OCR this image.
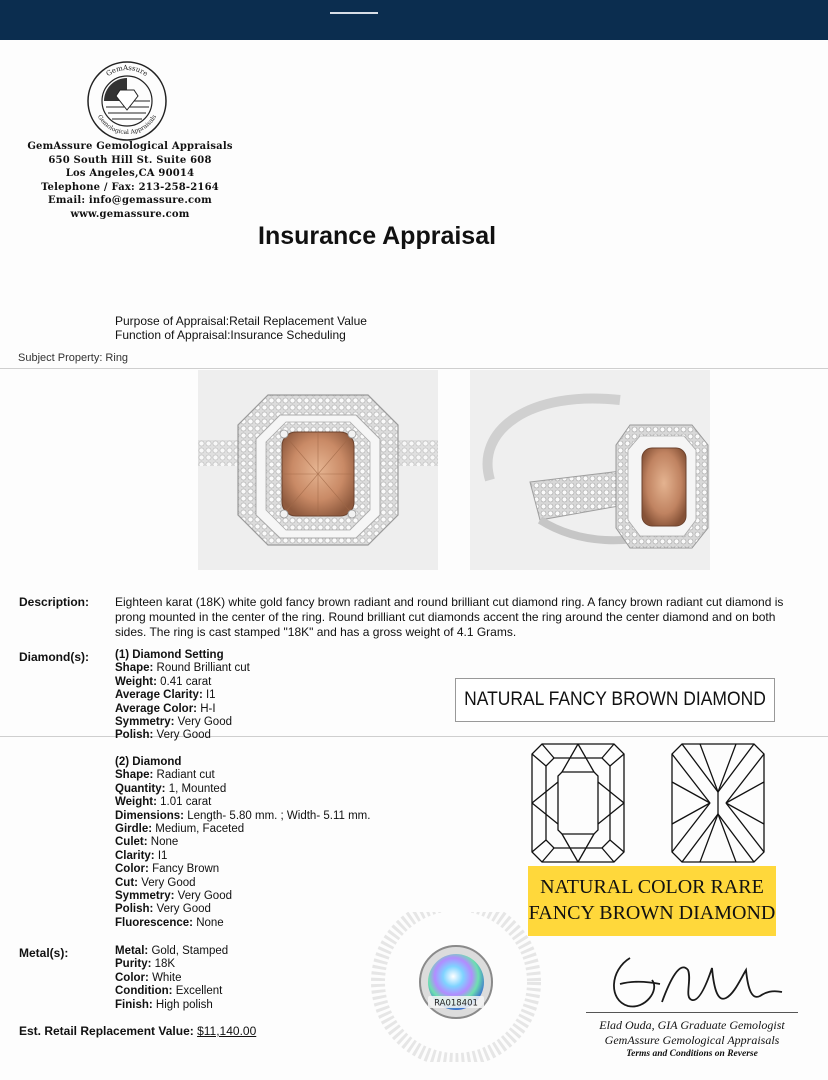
GemAssure
Gemological Appraisals
GemAssure Gemological Appraisals
650 South Hill St. Suite 608
Los Angeles,CA 90014
Telephone / Fax: 213-258-2164
Email: info@gemassure.com
www.gemassure.com
Insurance Appraisal
Purpose of Appraisal:Retail Replacement Value
Function of Appraisal:Insurance Scheduling
Subject Property: Ring
Description: Eighteen karat (18K) white gold fancy brown radiant and round brilliant cut diamond ring. A fancy brown radiant cut diamond is prong mounted in the center of the ring. Round brilliant cut diamonds accent the ring around the center diamond and on both sides. The ring is cast stamped "18K" and has a gross weight of 4.1 Grams.
Diamond(s): (1) Diamond Setting
Shape: Round Brilliant cut
Weight: 0.41 carat
Average Clarity: I1
Average Color: H-I
Symmetry: Very Good
Polish: Very Good
(2) Diamond
Shape: Radiant cut
Quantity: 1, Mounted
Weight: 1.01 carat
Dimensions: Length- 5.80 mm. ; Width- 5.11 mm.
Girdle: Medium, Faceted
Culet: None
Clarity: I1
Color: Fancy Brown
Cut: Very Good
Symmetry: Very Good
Polish: Very Good
Fluorescence: None
Metal(s):	Metal: Gold, Stamped
Purity: 18K
Color: White
Condition: Excellent
Finish: High polish
Est. Retail Replacement Value: $11,140.00
NATURAL FANCY BROWN DIAMOND
NATURAL COLOR RARE
FANCY BROWN DIAMOND
RA018401
Elad Ouda, GIA Graduate Gemologist
GemAssure Gemological Appraisals
Terms and Conditions on Reverse
